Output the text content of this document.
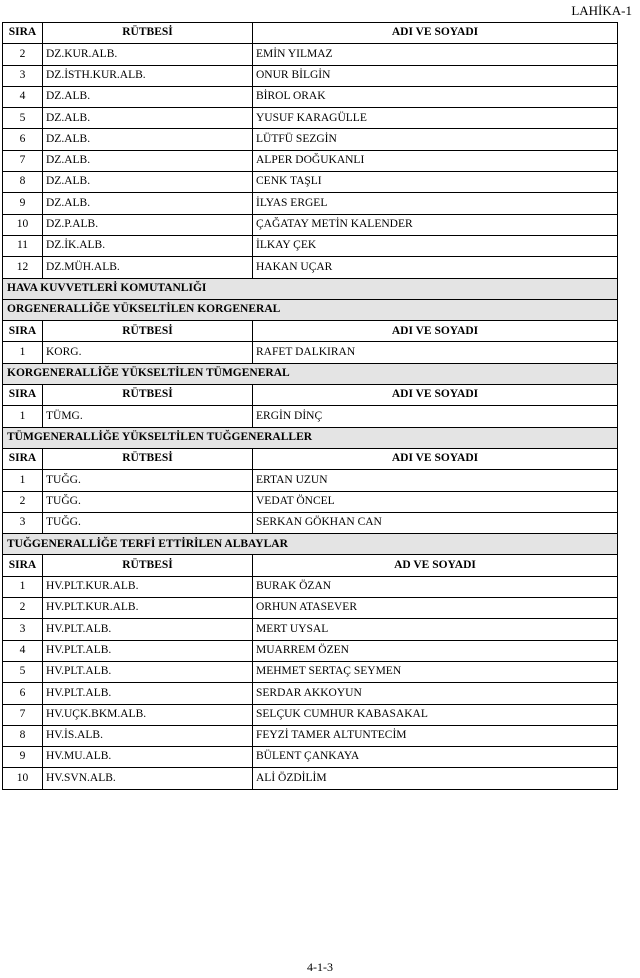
LAHİKA-1
SIRA	RÜTBESİ	ADI VE SOYADI
2	DZ.KUR.ALB.	EMİN YILMAZ
3	DZ.İSTH.KUR.ALB.	ONUR BİLGİN
4	DZ.ALB.	BİROL ORAK
5	DZ.ALB.	YUSUF KARAGÜLLE
6	DZ.ALB.	LÜTFÜ SEZGİN
7	DZ.ALB.	ALPER DOĞUKANLI
8	DZ.ALB.	CENK TAŞLI
9	DZ.ALB.	İLYAS ERGEL
10	DZ.P.ALB.	ÇAĞATAY METİN KALENDER
11	DZ.İK.ALB.	İLKAY ÇEK
12	DZ.MÜH.ALB.	HAKAN UÇAR
HAVA KUVVETLERİ KOMUTANLIĞI		
ORGENERALLİĞE YÜKSELTİLEN KORGENERAL		
SIRA	RÜTBESİ	ADI VE SOYADI
1	KORG.	RAFET DALKIRAN
KORGENERALLİĞE YÜKSELTİLEN TÜMGENERAL		
SIRA	RÜTBESİ	ADI VE SOYADI
1	TÜMG.	ERGİN DİNÇ
TÜMGENERALLİĞE YÜKSELTİLEN TUĞGENERALLER		
SIRA	RÜTBESİ	ADI VE SOYADI
1	TUĞG.	ERTAN UZUN
2	TUĞG.	VEDAT ÖNCEL
3	TUĞG.	SERKAN GÖKHAN CAN
TUĞGENERALLİĞE TERFİ ETTİRİLEN ALBAYLAR		
SIRA	RÜTBESİ	AD VE SOYADI
1	HV.PLT.KUR.ALB.	BURAK ÖZAN
2	HV.PLT.KUR.ALB.	ORHUN ATASEVER
3	HV.PLT.ALB.	MERT UYSAL
4	HV.PLT.ALB.	MUARREM ÖZEN
5	HV.PLT.ALB.	MEHMET SERTAÇ SEYMEN
6	HV.PLT.ALB.	SERDAR AKKOYUN
7	HV.UÇK.BKM.ALB.	SELÇUK CUMHUR KABASAKAL
8	HV.İS.ALB.	FEYZİ TAMER ALTUNTECİM
9	HV.MU.ALB.	BÜLENT ÇANKAYA
10	HV.SVN.ALB.	ALİ ÖZDİLİM
4-1-3
